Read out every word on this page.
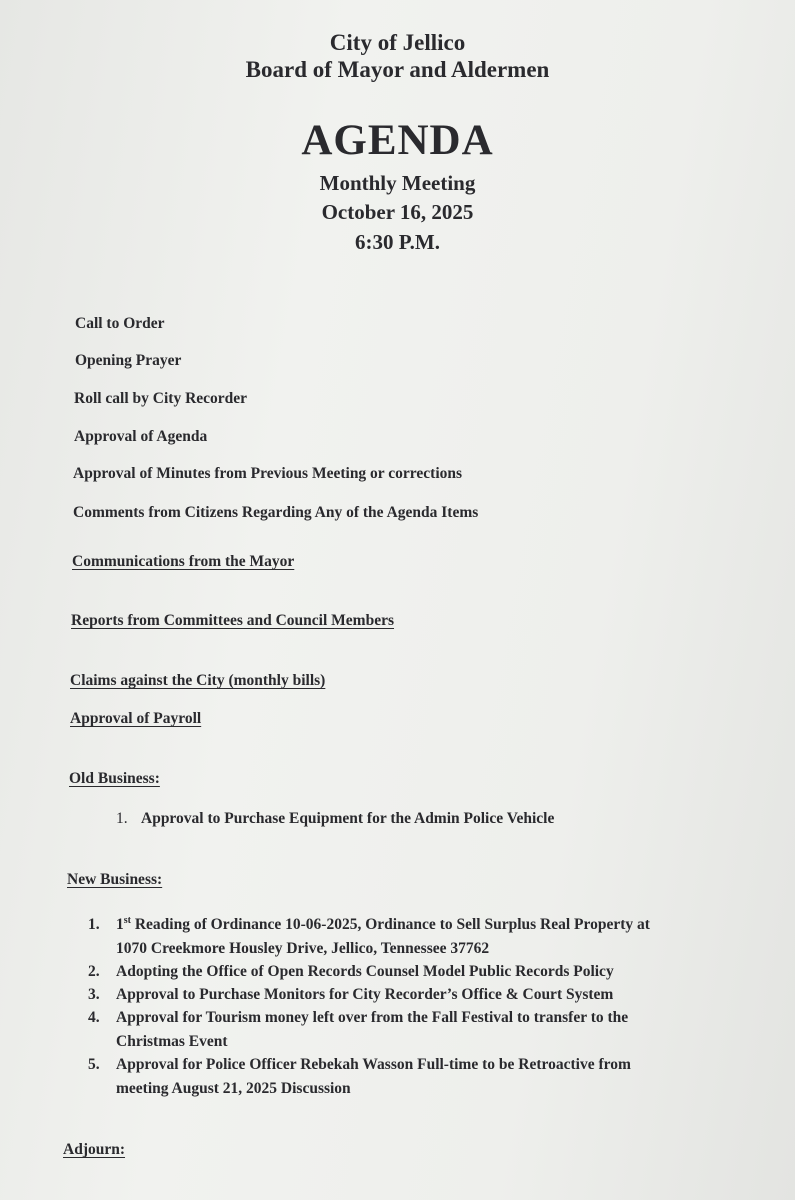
City of Jellico
Board of Mayor and Aldermen
AGENDA
Monthly Meeting
October 16, 2025
6:30 P.M.
Call to Order
Opening Prayer
Roll call by City Recorder
Approval of Agenda
Approval of Minutes from Previous Meeting or corrections
Comments from Citizens Regarding Any of the Agenda Items
Communications from the Mayor
Reports from Committees and Council Members
Claims against the City (monthly bills)
Approval of Payroll
Old Business:
1. Approval to Purchase Equipment for the Admin Police Vehicle
New Business:
1.	1st Reading of Ordinance 10-06-2025, Ordinance to Sell Surplus Real Property at
1070 Creekmore Housley Drive, Jellico, Tennessee 37762
2.	Adopting the Office of Open Records Counsel Model Public Records Policy
3.	Approval to Purchase Monitors for City Recorder’s Office & Court System
4.	Approval for Tourism money left over from the Fall Festival to transfer to the
Christmas Event
5.	Approval for Police Officer Rebekah Wasson Full-time to be Retroactive from
meeting August 21, 2025 Discussion
Adjourn:
